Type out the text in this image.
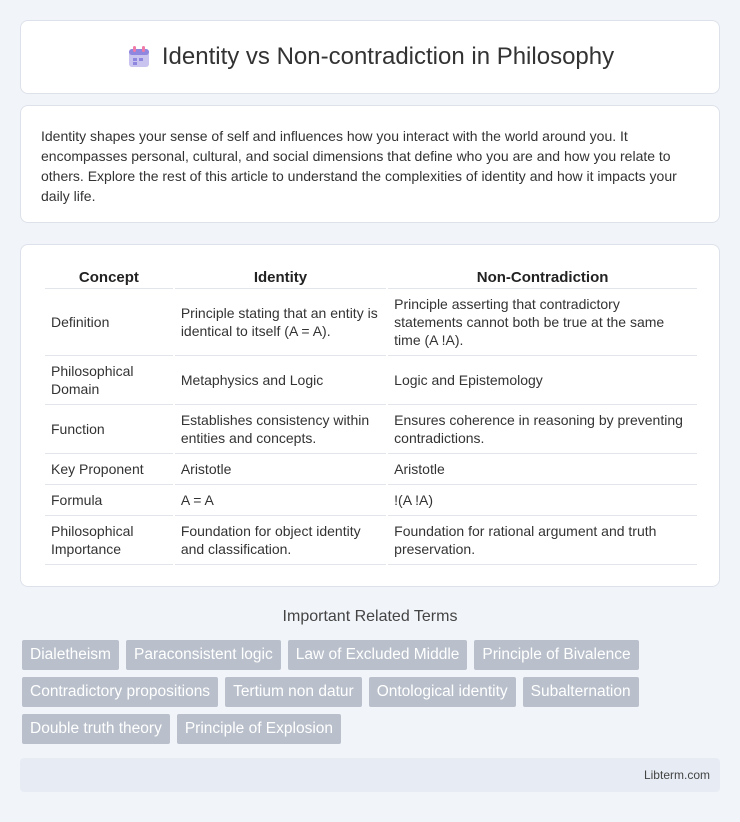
Identity vs Non-contradiction in Philosophy

Identity shapes your sense of self and influences how you interact with the world around you. It encompasses personal, cultural, and social dimensions that define who you are and how you relate to others. Explore the rest of this article to understand the complexities of identity and how it impacts your daily life.

Concept	Identity	Non-Contradiction
Definition	Principle stating that an entity is identical to itself (A = A).	Principle asserting that contradictory statements cannot both be true at the same time (A !A).
Philosophical Domain	Metaphysics and Logic	Logic and Epistemology
Function	Establishes consistency within entities and concepts.	Ensures coherence in reasoning by preventing contradictions.
Key Proponent	Aristotle	Aristotle
Formula	A = A	!(A !A)
Philosophical Importance	Foundation for object identity and classification.	Foundation for rational argument and truth preservation.
Important Related Terms
Dialetheism	Paraconsistent logic	Law of Excluded Middle	Principle of Bivalence
Contradictory propositions	Tertium non datur	Ontological identity	Subalternation
Double truth theory	Principle of Explosion
Libterm.com
